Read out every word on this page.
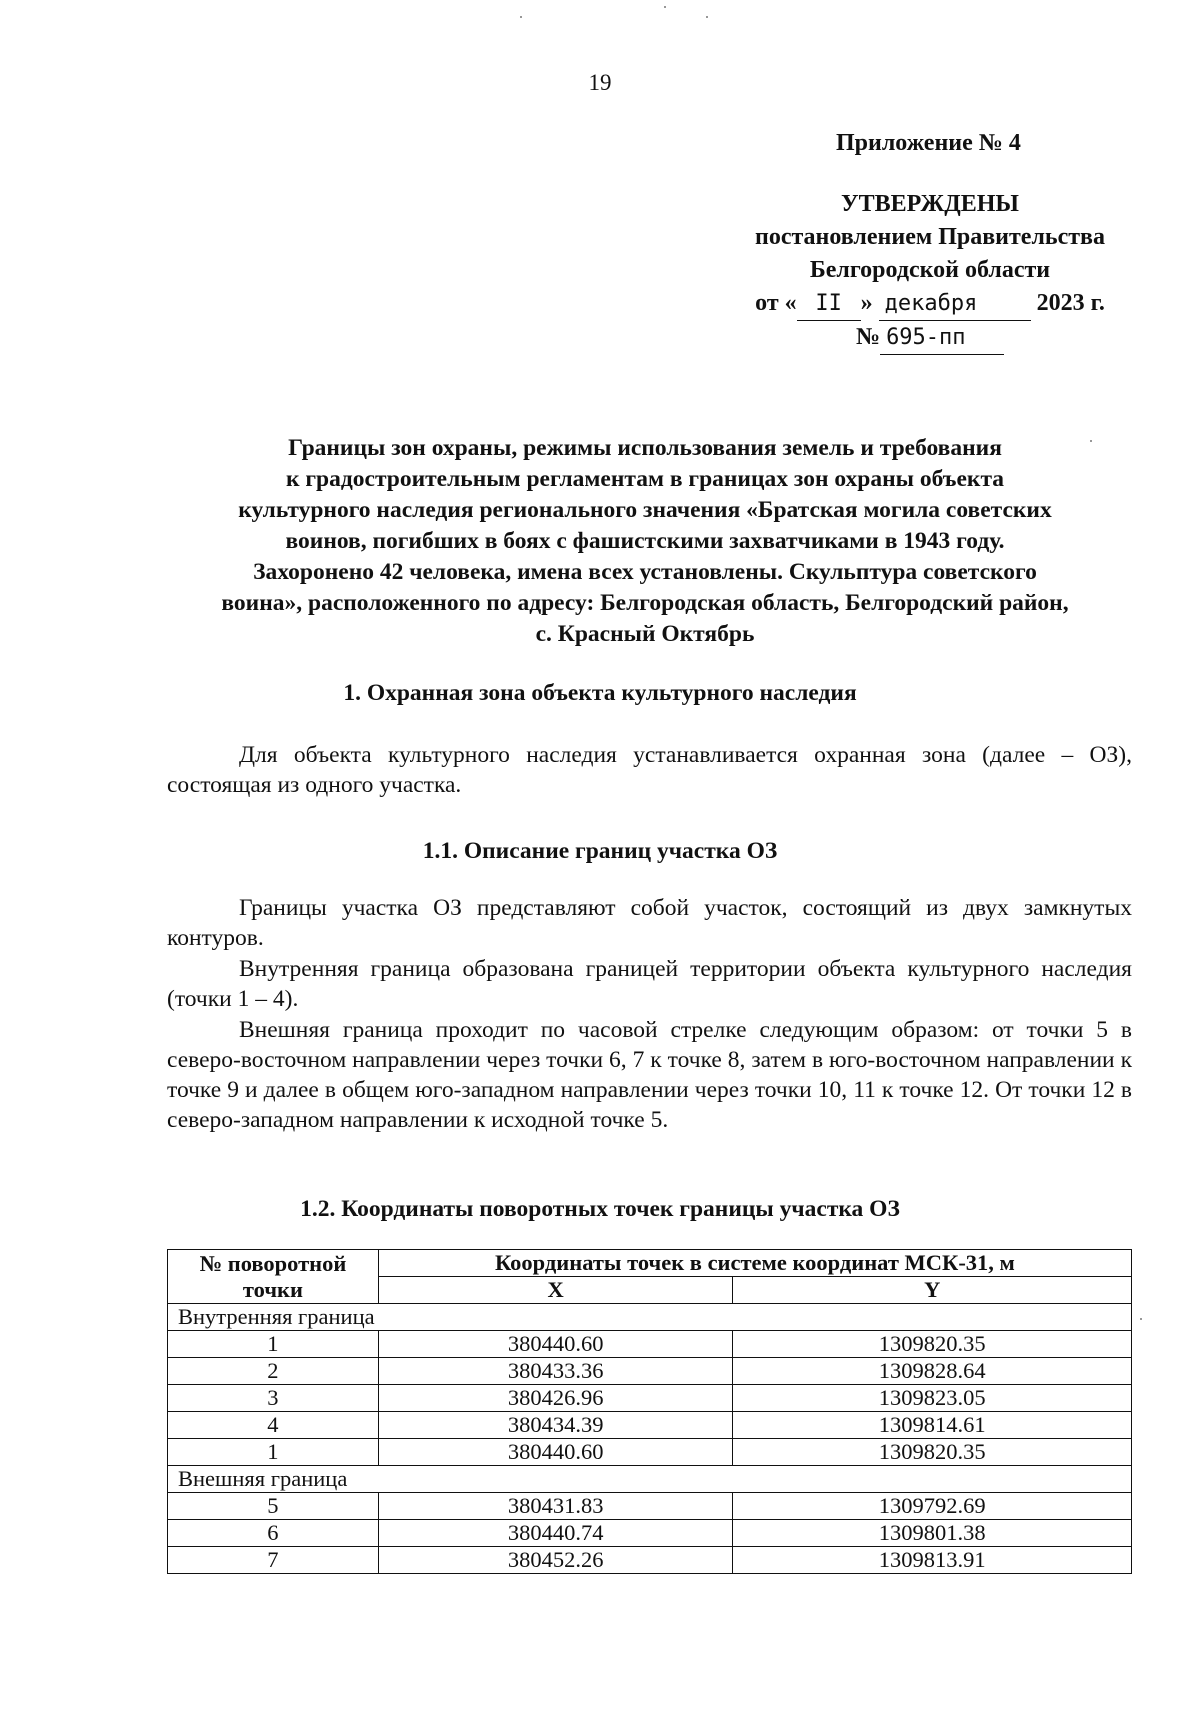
19
Приложение № 4
УТВЕРЖДЕНЫ
постановлением Правительства
Белгородской области
от « II » декабря 2023 г.
№ 695-пп
Границы зон охраны, режимы использования земель и требования
к градостроительным регламентам в границах зон охраны объекта
культурного наследия регионального значения «Братская могила советских
воинов, погибших в боях с фашистскими захватчиками в 1943 году.
Захоронено 42 человека, имена всех установлены. Скульптура советского
воина», расположенного по адресу: Белгородская область, Белгородский район,
с. Красный Октябрь
1. Охранная зона объекта культурного наследия

Для объекта культурного наследия устанавливается охранная зона (далее – ОЗ), состоящая из одного участка.

1.1. Описание границ участка ОЗ

Границы участка ОЗ представляют собой участок, состоящий из двух замкнутых контуров.

Внутренняя граница образована границей территории объекта культурного наследия (точки 1 – 4).

Внешняя граница проходит по часовой стрелке следующим образом: от точки 5 в северо-восточном направлении через точки 6, 7 к точке 8, затем в юго-восточном направлении к точке 9 и далее в общем юго-западном направлении через точки 10, 11 к точке 12. От точки 12 в северо-западном направлении к исходной точке 5.

1.2. Координаты поворотных точек границы участка ОЗ
№ поворотной точки	Координаты точек в системе координат МСК-31, м	
	X	Y
Внутренняя граница		
1	380440.60	1309820.35
2	380433.36	1309828.64
3	380426.96	1309823.05
4	380434.39	1309814.61
1	380440.60	1309820.35
Внешняя граница		
5	380431.83	1309792.69
6	380440.74	1309801.38
7	380452.26	1309813.91
